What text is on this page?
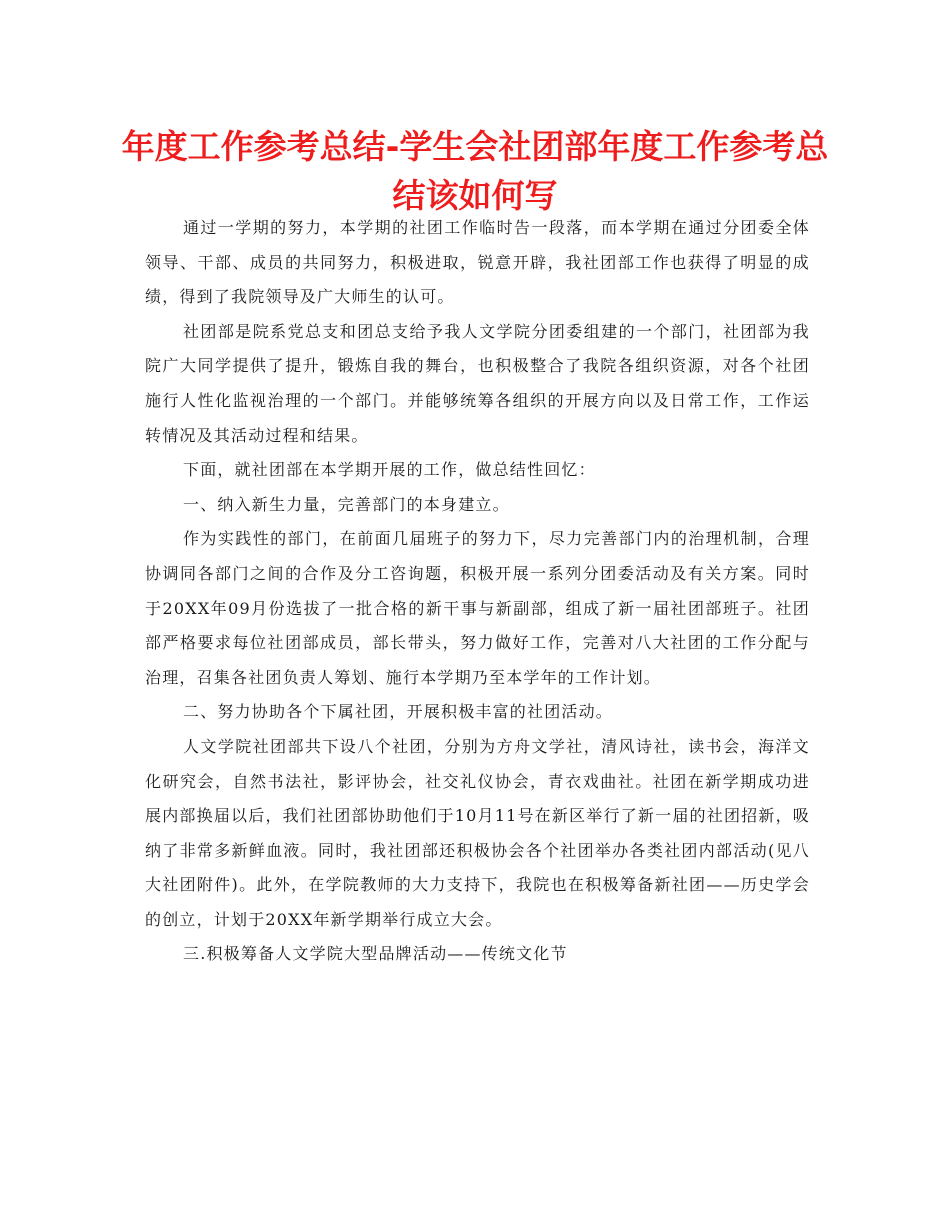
年度工作参考总结-学生会社团部年度工作参考总结该如何写

通过一学期的努力，本学期的社团工作临时告一段落，而本学期在通过分团委全体领导、干部、成员的共同努力，积极进取，锐意开辟，我社团部工作也获得了明显的成绩，得到了我院领导及广大师生的认可。

社团部是院系党总支和团总支给予我人文学院分团委组建的一个部门，社团部为我院广大同学提供了提升，锻炼自我的舞台，也积极整合了我院各组织资源，对各个社团施行人性化监视治理的一个部门。并能够统筹各组织的开展方向以及日常工作，工作运转情况及其活动过程和结果。

下面，就社团部在本学期开展的工作，做总结性回忆：

一、纳入新生力量，完善部门的本身建立。

作为实践性的部门，在前面几届班子的努力下，尽力完善部门内的治理机制，合理协调同各部门之间的合作及分工咨询题，积极开展一系列分团委活动及有关方案。同时于20XX年09月份选拔了一批合格的新干事与新副部，组成了新一届社团部班子。社团部严格要求每位社团部成员，部长带头，努力做好工作，完善对八大社团的工作分配与治理，召集各社团负责人筹划、施行本学期乃至本学年的工作计划。

二、努力协助各个下属社团，开展积极丰富的社团活动。

人文学院社团部共下设八个社团，分别为方舟文学社，清风诗社，读书会，海洋文化研究会，自然书法社，影评协会，社交礼仪协会，青衣戏曲社。社团在新学期成功进展内部换届以后，我们社团部协助他们于10月11号在新区举行了新一届的社团招新，吸纳了非常多新鲜血液。同时，我社团部还积极协会各个社团举办各类社团内部活动(见八大社团附件)。此外，在学院教师的大力支持下，我院也在积极筹备新社团——历史学会的创立，计划于20XX年新学期举行成立大会。

三.积极筹备人文学院大型品牌活动——传统文化节
